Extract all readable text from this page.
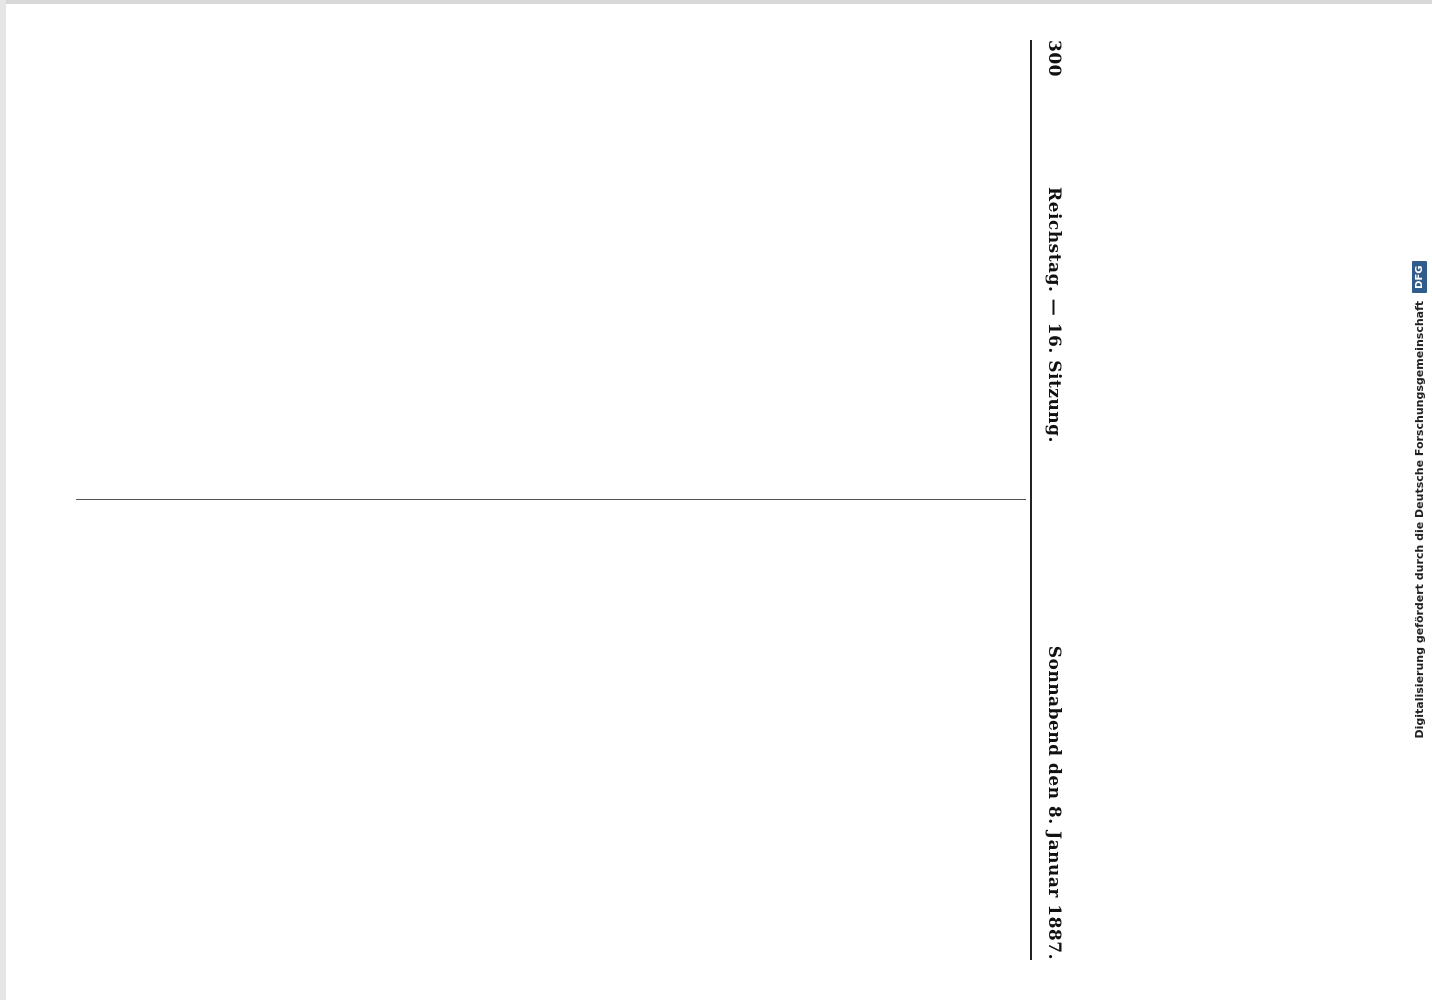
300
Reichstag. — 16. Sitzung.
Sonnabend den 8. Januar 1887.
Digitalisierung gefördert durch die Deutsche Forschungsgemeinschaft
DFG
